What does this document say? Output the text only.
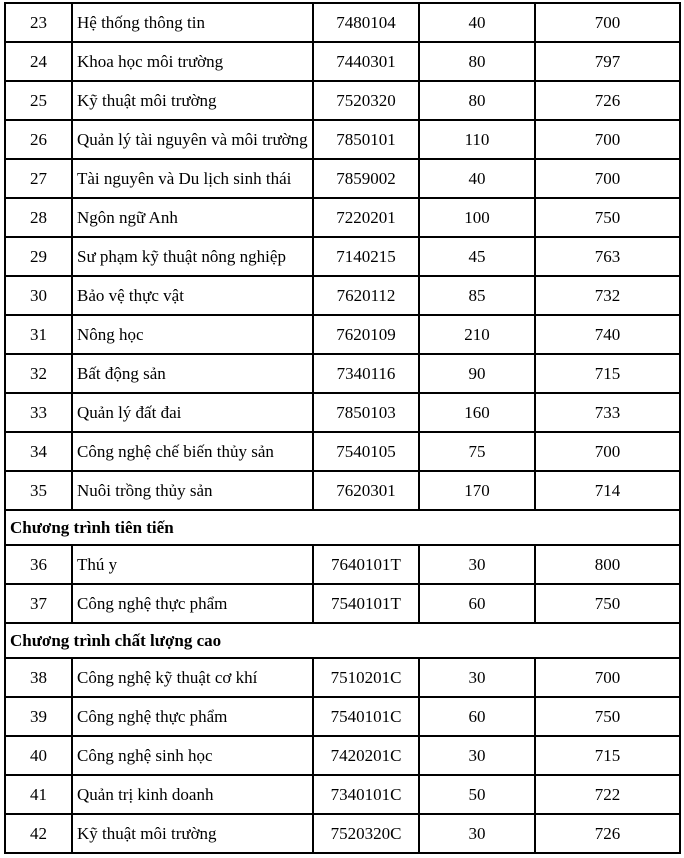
23	Hệ thống thông tin	7480104	40	700
24	Khoa học môi trường	7440301	80	797
25	Kỹ thuật môi trường	7520320	80	726
26	Quản lý tài nguyên và môi trường	7850101	110	700
27	Tài nguyên và Du lịch sinh thái	7859002	40	700
28	Ngôn ngữ Anh	7220201	100	750
29	Sư phạm kỹ thuật nông nghiệp	7140215	45	763
30	Bảo vệ thực vật	7620112	85	732
31	Nông học	7620109	210	740
32	Bất động sản	7340116	90	715
33	Quản lý đất đai	7850103	160	733
34	Công nghệ chế biến thủy sản	7540105	75	700
35	Nuôi trồng thủy sản	7620301	170	714
Chương trình tiên tiến				
36	Thú y	7640101T	30	800
37	Công nghệ thực phẩm	7540101T	60	750
Chương trình chất lượng cao				
38	Công nghệ kỹ thuật cơ khí	7510201C	30	700
39	Công nghệ thực phẩm	7540101C	60	750
40	Công nghệ sinh học	7420201C	30	715
41	Quản trị kinh doanh	7340101C	50	722
42	Kỹ thuật môi trường	7520320C	30	726
